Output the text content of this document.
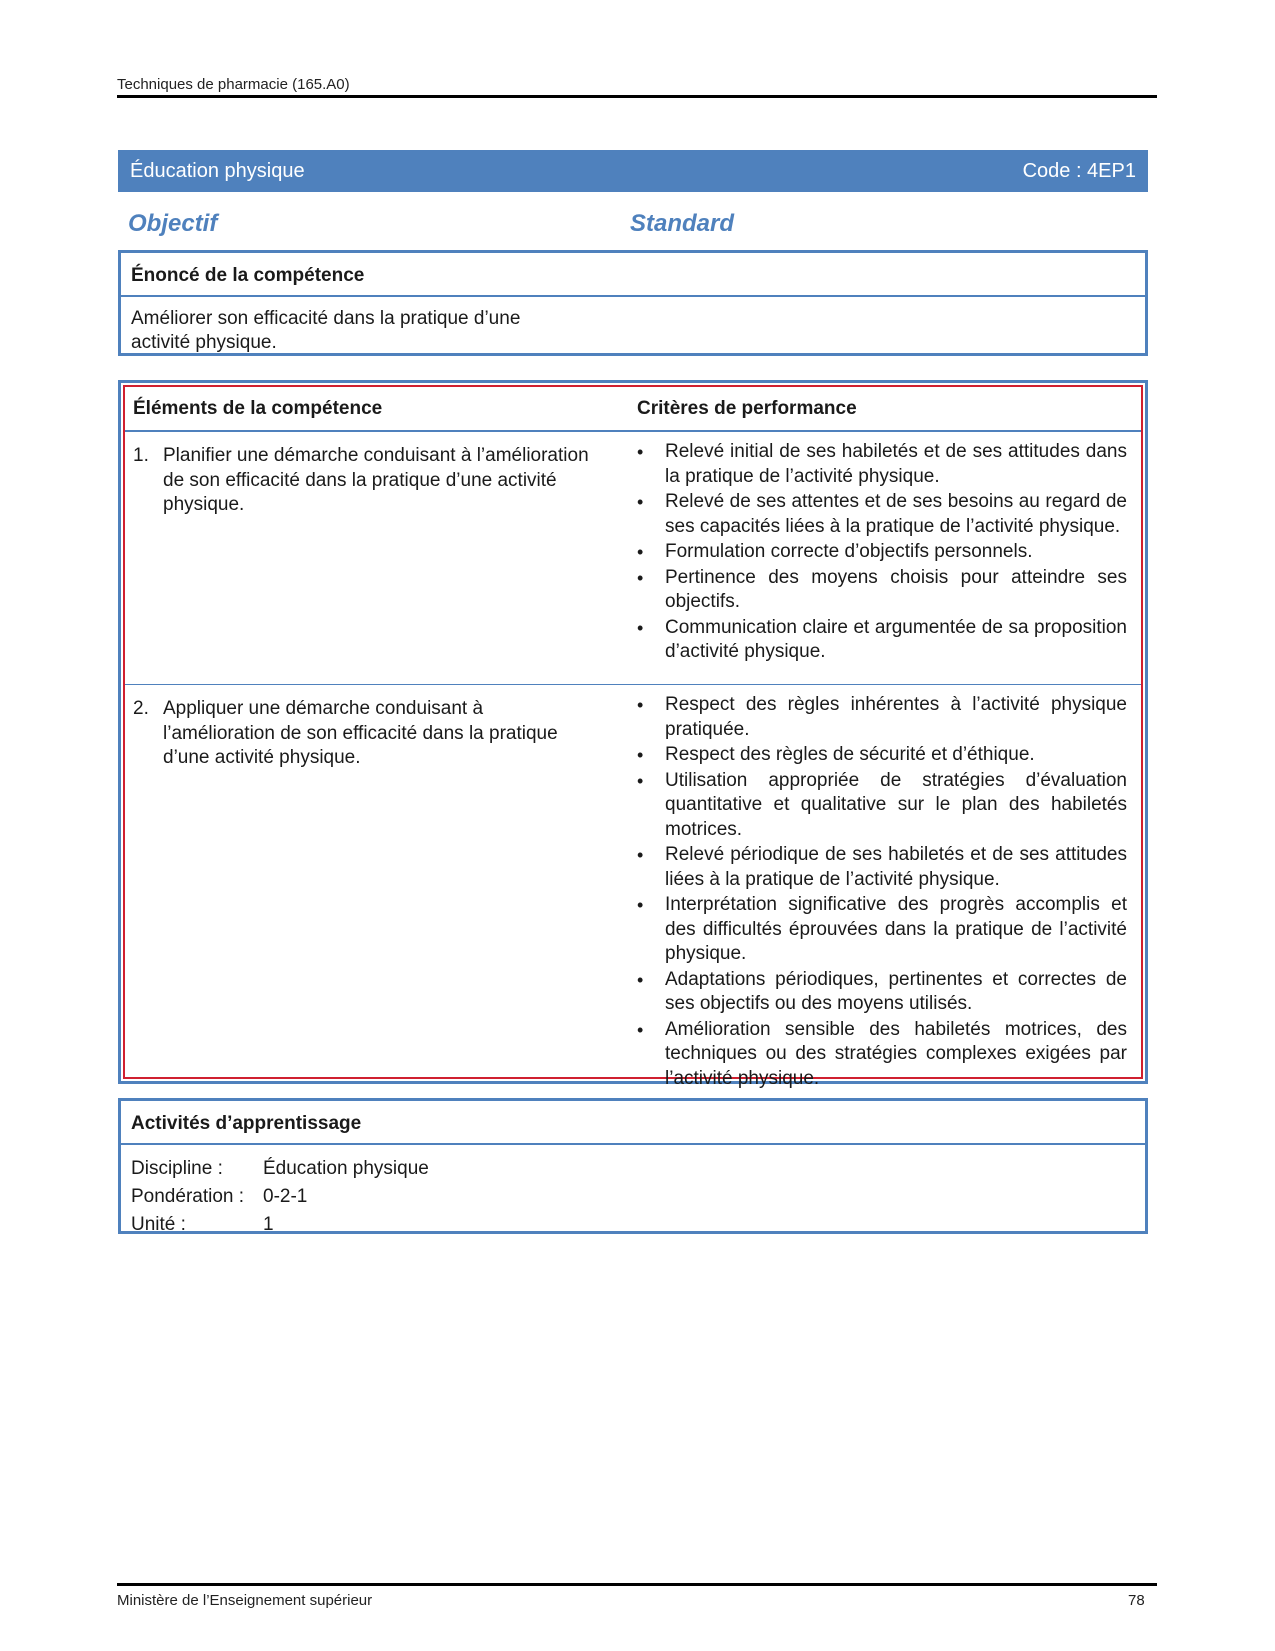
Techniques de pharmacie (165.A0)
Éducation physique	Code : 4EP1
Objectif	Standard
Énoncé de la compétence
Améliorer son efficacité dans la pratique d’une
activité physique.
Éléments de la compétence	Critères de performance
1. Planifier une démarche conduisant à l’amélioration de son efficacité dans la pratique d’une activité physique.
•	Relevé initial de ses habiletés et de ses attitudes dans la pratique de l’activité physique.
•	Relevé de ses attentes et de ses besoins au regard de ses capacités liées à la pratique de l’activité physique.
•	Formulation correcte d’objectifs personnels.
•	Pertinence des moyens choisis pour atteindre ses objectifs.
•	Communication claire et argumentée de sa proposition d’activité physique.
2. Appliquer une démarche conduisant à l’amélioration de son efficacité dans la pratique d’une activité physique.
•	Respect des règles inhérentes à l’activité physique pratiquée.
•	Respect des règles de sécurité et d’éthique.
•	Utilisation appropriée de stratégies d’évaluation quantitative et qualitative sur le plan des habiletés motrices.
•	Relevé périodique de ses habiletés et de ses attitudes liées à la pratique de l’activité physique.
•	Interprétation significative des progrès accomplis et des difficultés éprouvées dans la pratique de l’activité physique.
•	Adaptations périodiques, pertinentes et correctes de ses objectifs ou des moyens utilisés.
•	Amélioration sensible des habiletés motrices, des techniques ou des stratégies complexes exigées par l’activité physique.
Activités d’apprentissage
Discipline :	Éducation physique
Pondération : 0-2-1
Unité :	1
Ministère de l’Enseignement supérieur	78
